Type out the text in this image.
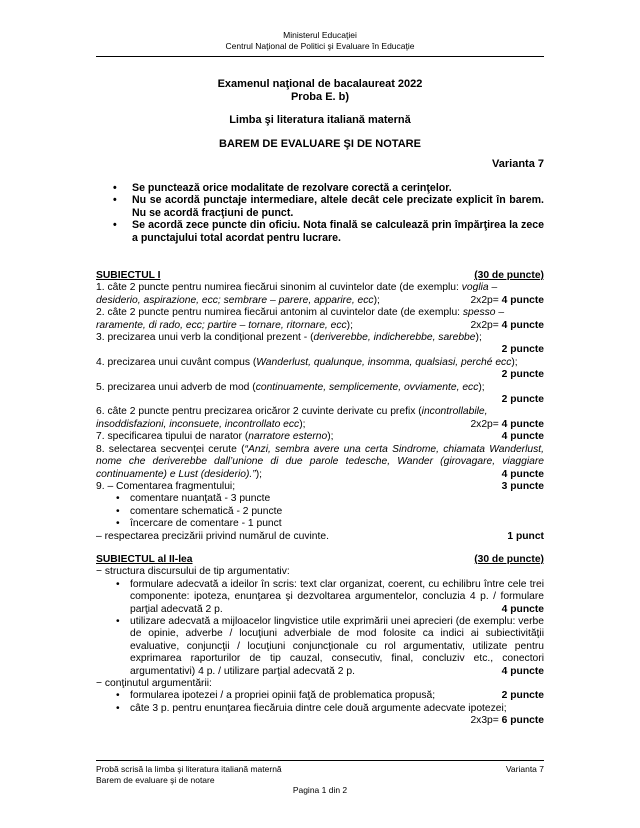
Ministerul Educaţiei
Centrul Naţional de Politici şi Evaluare în Educaţie
Examenul naţional de bacalaureat 2022
Proba E. b)
Limba şi literatura italiană maternă
BAREM DE EVALUARE ŞI DE NOTARE
Varianta 7
• Se punctează orice modalitate de rezolvare corectă a cerinţelor.
• Nu se acordă punctaje intermediare, altele decât cele precizate explicit în barem. Nu se acordă fracţiuni de punct.
• Se acordă zece puncte din oficiu. Nota finală se calculează prin împărţirea la zece a punctajului total acordat pentru lucrare.
SUBIECTUL I	(30 de puncte)
1. câte 2 puncte pentru numirea fiecărui sinonim al cuvintelor date (de exemplu: voglia –
desiderio, aspirazione, ecc; sembrare – parere, apparire, ecc);	2x2p= 4 puncte
2. câte 2 puncte pentru numirea fiecărui antonim al cuvintelor date (de exemplu: spesso –
raramente, di rado, ecc; partire – tornare, ritornare, ecc);	2x2p= 4 puncte
3. precizarea unui verb la condiţional prezent - (deriverebbe, indicherebbe, sarebbe);
2 puncte
4. precizarea unui cuvânt compus (Wanderlust, qualunque, insomma, qualsiasi, perché ecc);
2 puncte
5. precizarea unui adverb de mod (continuamente, semplicemente, ovviamente, ecc);
2 puncte
6. câte 2 puncte pentru precizarea oricăror 2 cuvinte derivate cu prefix (incontrollabile,
insoddisfazioni, inconsuete, incontrollato ecc);	2x2p= 4 puncte
7. specificarea tipului de narator (narratore esterno);	4 puncte
8. selectarea secvenţei cerute (“Anzi, sembra avere una certa Sindrome, chiamata Wanderlust, nome che deriverebbe dall’unione di due parole tedesche, Wander (girovagare, viaggiare continuamente) e Lust (desiderio).”);	4 puncte
9. – Comentarea fragmentului;	3 puncte
• comentare nuanţată - 3 puncte
• comentare schematică - 2 puncte
• încercare de comentare - 1 punct
– respectarea precizării privind numărul de cuvinte.	1 punct
SUBIECTUL al II-lea	(30 de puncte)
− structura discursului de tip argumentativ:
• formulare adecvată a ideilor în scris: text clar organizat, coerent, cu echilibru între cele trei componente: ipoteza, enunţarea şi dezvoltarea argumentelor, concluzia 4 p. / formulare parţial adecvată 2 p.	4 puncte
• utilizare adecvată a mijloacelor lingvistice utile exprimării unei aprecieri (de exemplu: verbe de opinie, adverbe / locuţiuni adverbiale de mod folosite ca indici ai subiectivităţii evaluative, conjuncţii / locuţiuni conjuncţionale cu rol argumentativ, utilizate pentru exprimarea raporturilor de tip cauzal, consecutiv, final, concluziv etc., conectori argumentativi) 4 p. / utilizare parţial adecvată 2 p.	4 puncte
− conţinutul argumentării:
• formularea ipotezei / a propriei opinii faţă de problematica propusă;	2 puncte
• câte 3 p. pentru enunţarea fiecăruia dintre cele două argumente adecvate ipotezei;
2x3p= 6 puncte
Probă scrisă la limba şi literatura italiană maternă
Barem de evaluare şi de notare
Varianta 7
Pagina 1 din 2
